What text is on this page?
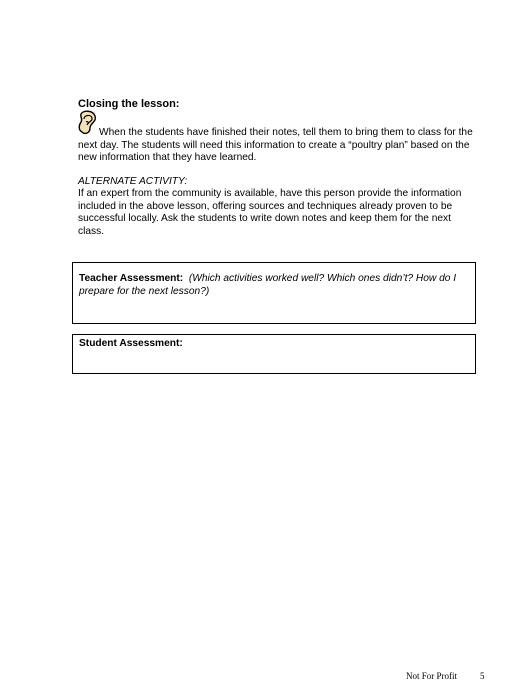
Closing the lesson:
When the students have finished their notes, tell them to bring them to class for the next day. The students will need this information to create a “poultry plan” based on the new information that they have learned.
ALTERNATE ACTIVITY:
If an expert from the community is available, have this person provide the information included in the above lesson, offering sources and techniques already proven to be successful locally. Ask the students to write down notes and keep them for the next class.
Teacher Assessment: (Which activities worked well? Which ones didn’t? How do I prepare for the next lesson?)
Student Assessment:
Not For Profit	5
